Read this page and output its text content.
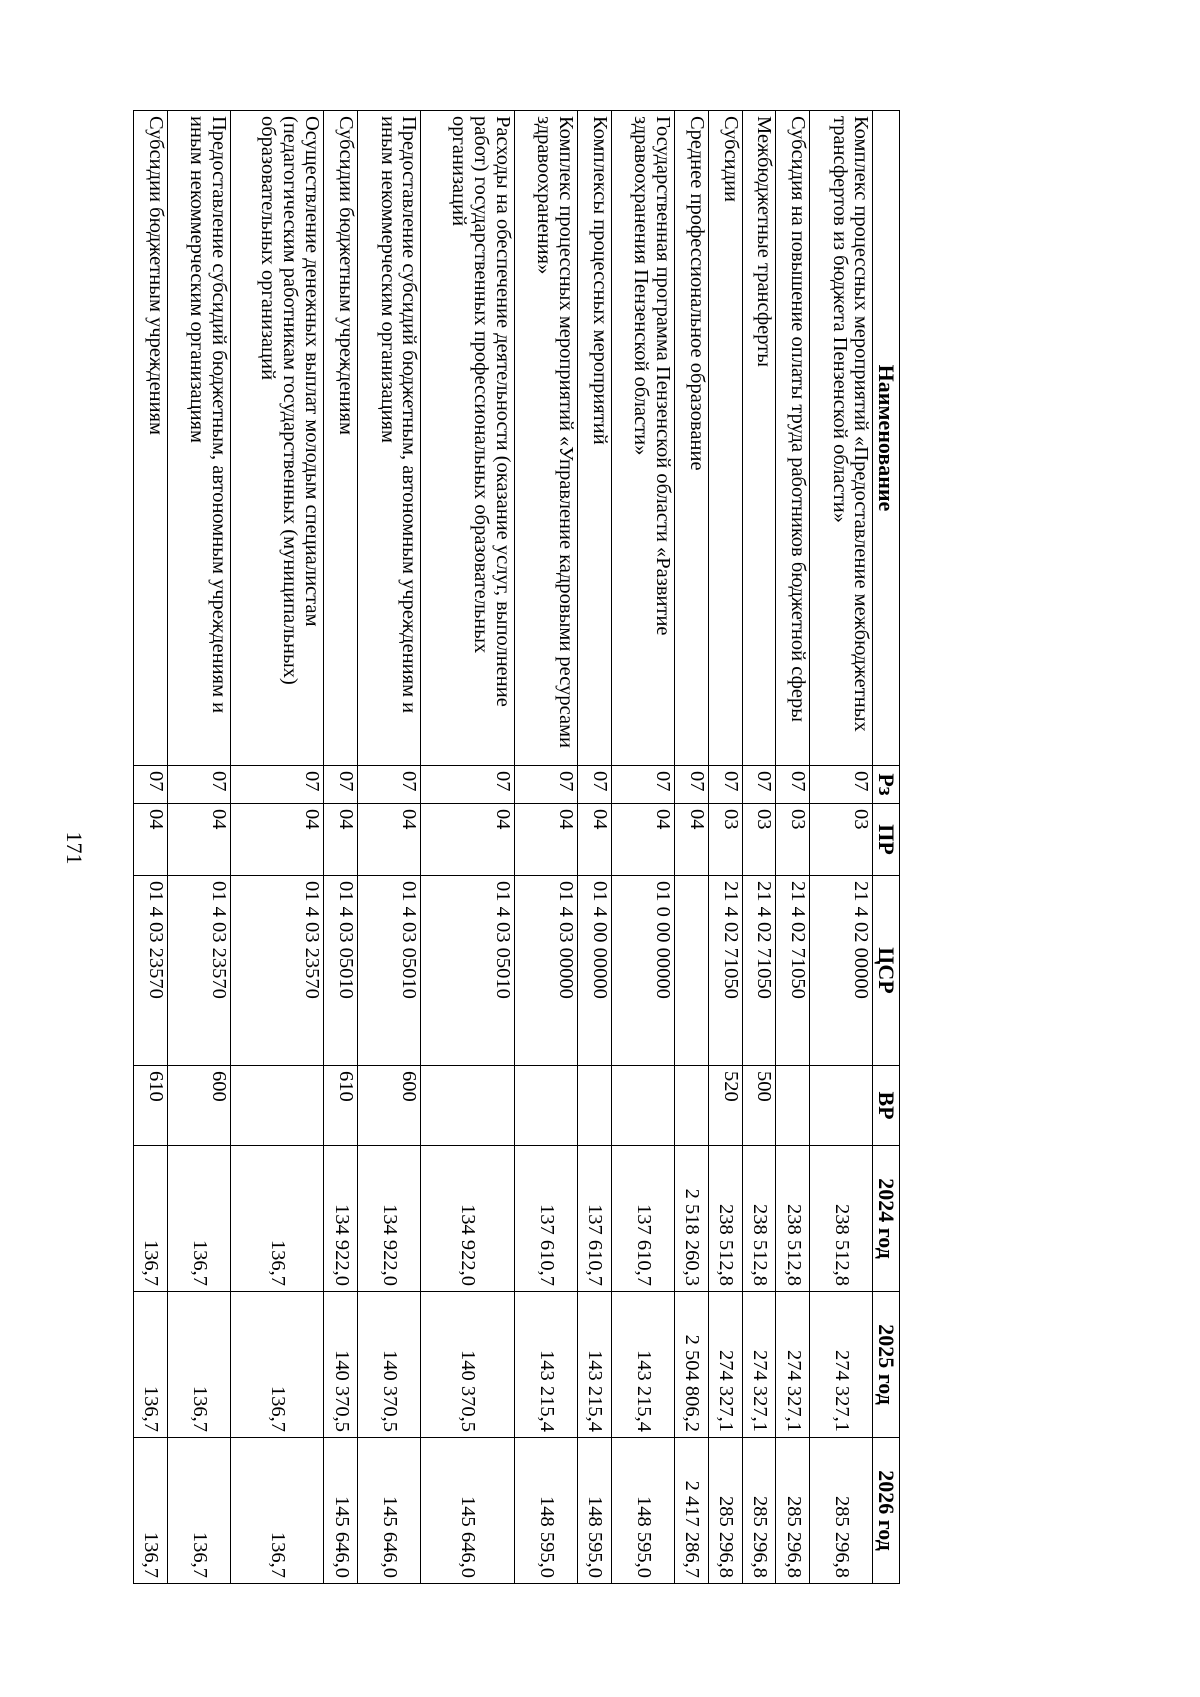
171
Наименование	Рз	ПР	ЦСР	ВР	2024 год	2025 год	2026 год
Комплекс процессных мероприятий «Предоставление межбюджетных трансфертов из бюджета Пензенской области»	07	03	21 4 02 00000		238 512,8	274 327,1	285 296,8
Субсидия на повышение оплаты труда работников бюджетной сферы	07	03	21 4 02 71050		238 512,8	274 327,1	285 296,8
Межбюджетные трансферты	07	03	21 4 02 71050	500	238 512,8	274 327,1	285 296,8
Субсидии	07	03	21 4 02 71050	520	238 512,8	274 327,1	285 296,8
Среднее профессиональное образование	07	04			2 518 260,3	2 504 806,2	2 417 286,7
Государственная программа Пензенской области «Развитие здравоохранения Пензенской области»	07	04	01 0 00 00000		137 610,7	143 215,4	148 595,0
Комплексы процессных мероприятий	07	04	01 4 00 00000		137 610,7	143 215,4	148 595,0
Комплекс процессных мероприятий «Управление кадровыми ресурсами здравоохранения»	07	04	01 4 03 00000		137 610,7	143 215,4	148 595,0
Расходы на обеспечение деятельности (оказание услуг, выполнение работ) государственных профессиональных образовательных организаций	07	04	01 4 03 05010		134 922,0	140 370,5	145 646,0
Предоставление субсидий бюджетным, автономным учреждениям и иным некоммерческим организациям	07	04	01 4 03 05010	600	134 922,0	140 370,5	145 646,0
Субсидии бюджетным учреждениям	07	04	01 4 03 05010	610	134 922,0	140 370,5	145 646,0
Осуществление денежных выплат молодым специалистам (педагогическим работникам государственных (муниципальных) образовательных организаций	07	04	01 4 03 23570		136,7	136,7	136,7
Предоставление субсидий бюджетным, автономным учреждениям и иным некоммерческим организациям	07	04	01 4 03 23570	600	136,7	136,7	136,7
Субсидии бюджетным учреждениям	07	04	01 4 03 23570	610	136,7	136,7	136,7
